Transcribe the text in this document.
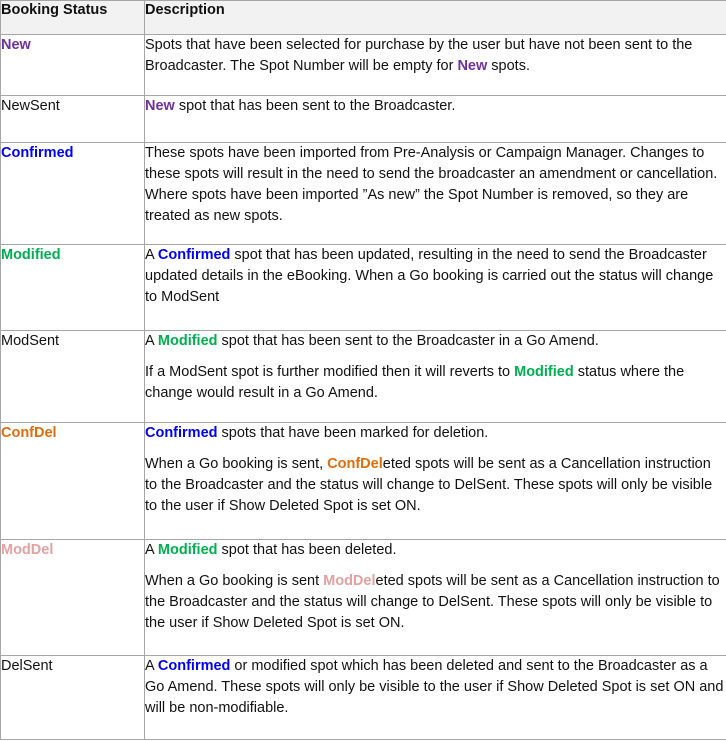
Booking Status	Description
New	Spots that have been selected for purchase by the user but have not been sent to the Broadcaster. The Spot Number will be empty for New spots.

NewSent	New spot that has been sent to the Broadcaster.

Confirmed	These spots have been imported from Pre-Analysis or Campaign Manager. Changes to these spots will result in the need to send the broadcaster an amendment or cancellation. Where spots have been imported ”As new” the Spot Number is removed, so they are treated as new spots.

Modified	A Confirmed spot that has been updated, resulting in the need to send the Broadcaster updated details in the eBooking. When a Go booking is carried out the status will change to ModSent

ModSent	A Modified spot that has been sent to the Broadcaster in a Go Amend.

If a ModSent spot is further modified then it will reverts to Modified status where the change would result in a Go Amend.

ConfDel	Confirmed spots that have been marked for deletion.

When a Go booking is sent, ConfDeleted spots will be sent as a Cancellation instruction to the Broadcaster and the status will change to DelSent. These spots will only be visible to the user if Show Deleted Spot is set ON.

ModDel	A Modified spot that has been deleted.

When a Go booking is sent ModDeleted spots will be sent as a Cancellation instruction to the Broadcaster and the status will change to DelSent. These spots will only be visible to the user if Show Deleted Spot is set ON.

DelSent	A Confirmed or modified spot which has been deleted and sent to the Broadcaster as a Go Amend. These spots will only be visible to the user if Show Deleted Spot is set ON and will be non-modifiable.
